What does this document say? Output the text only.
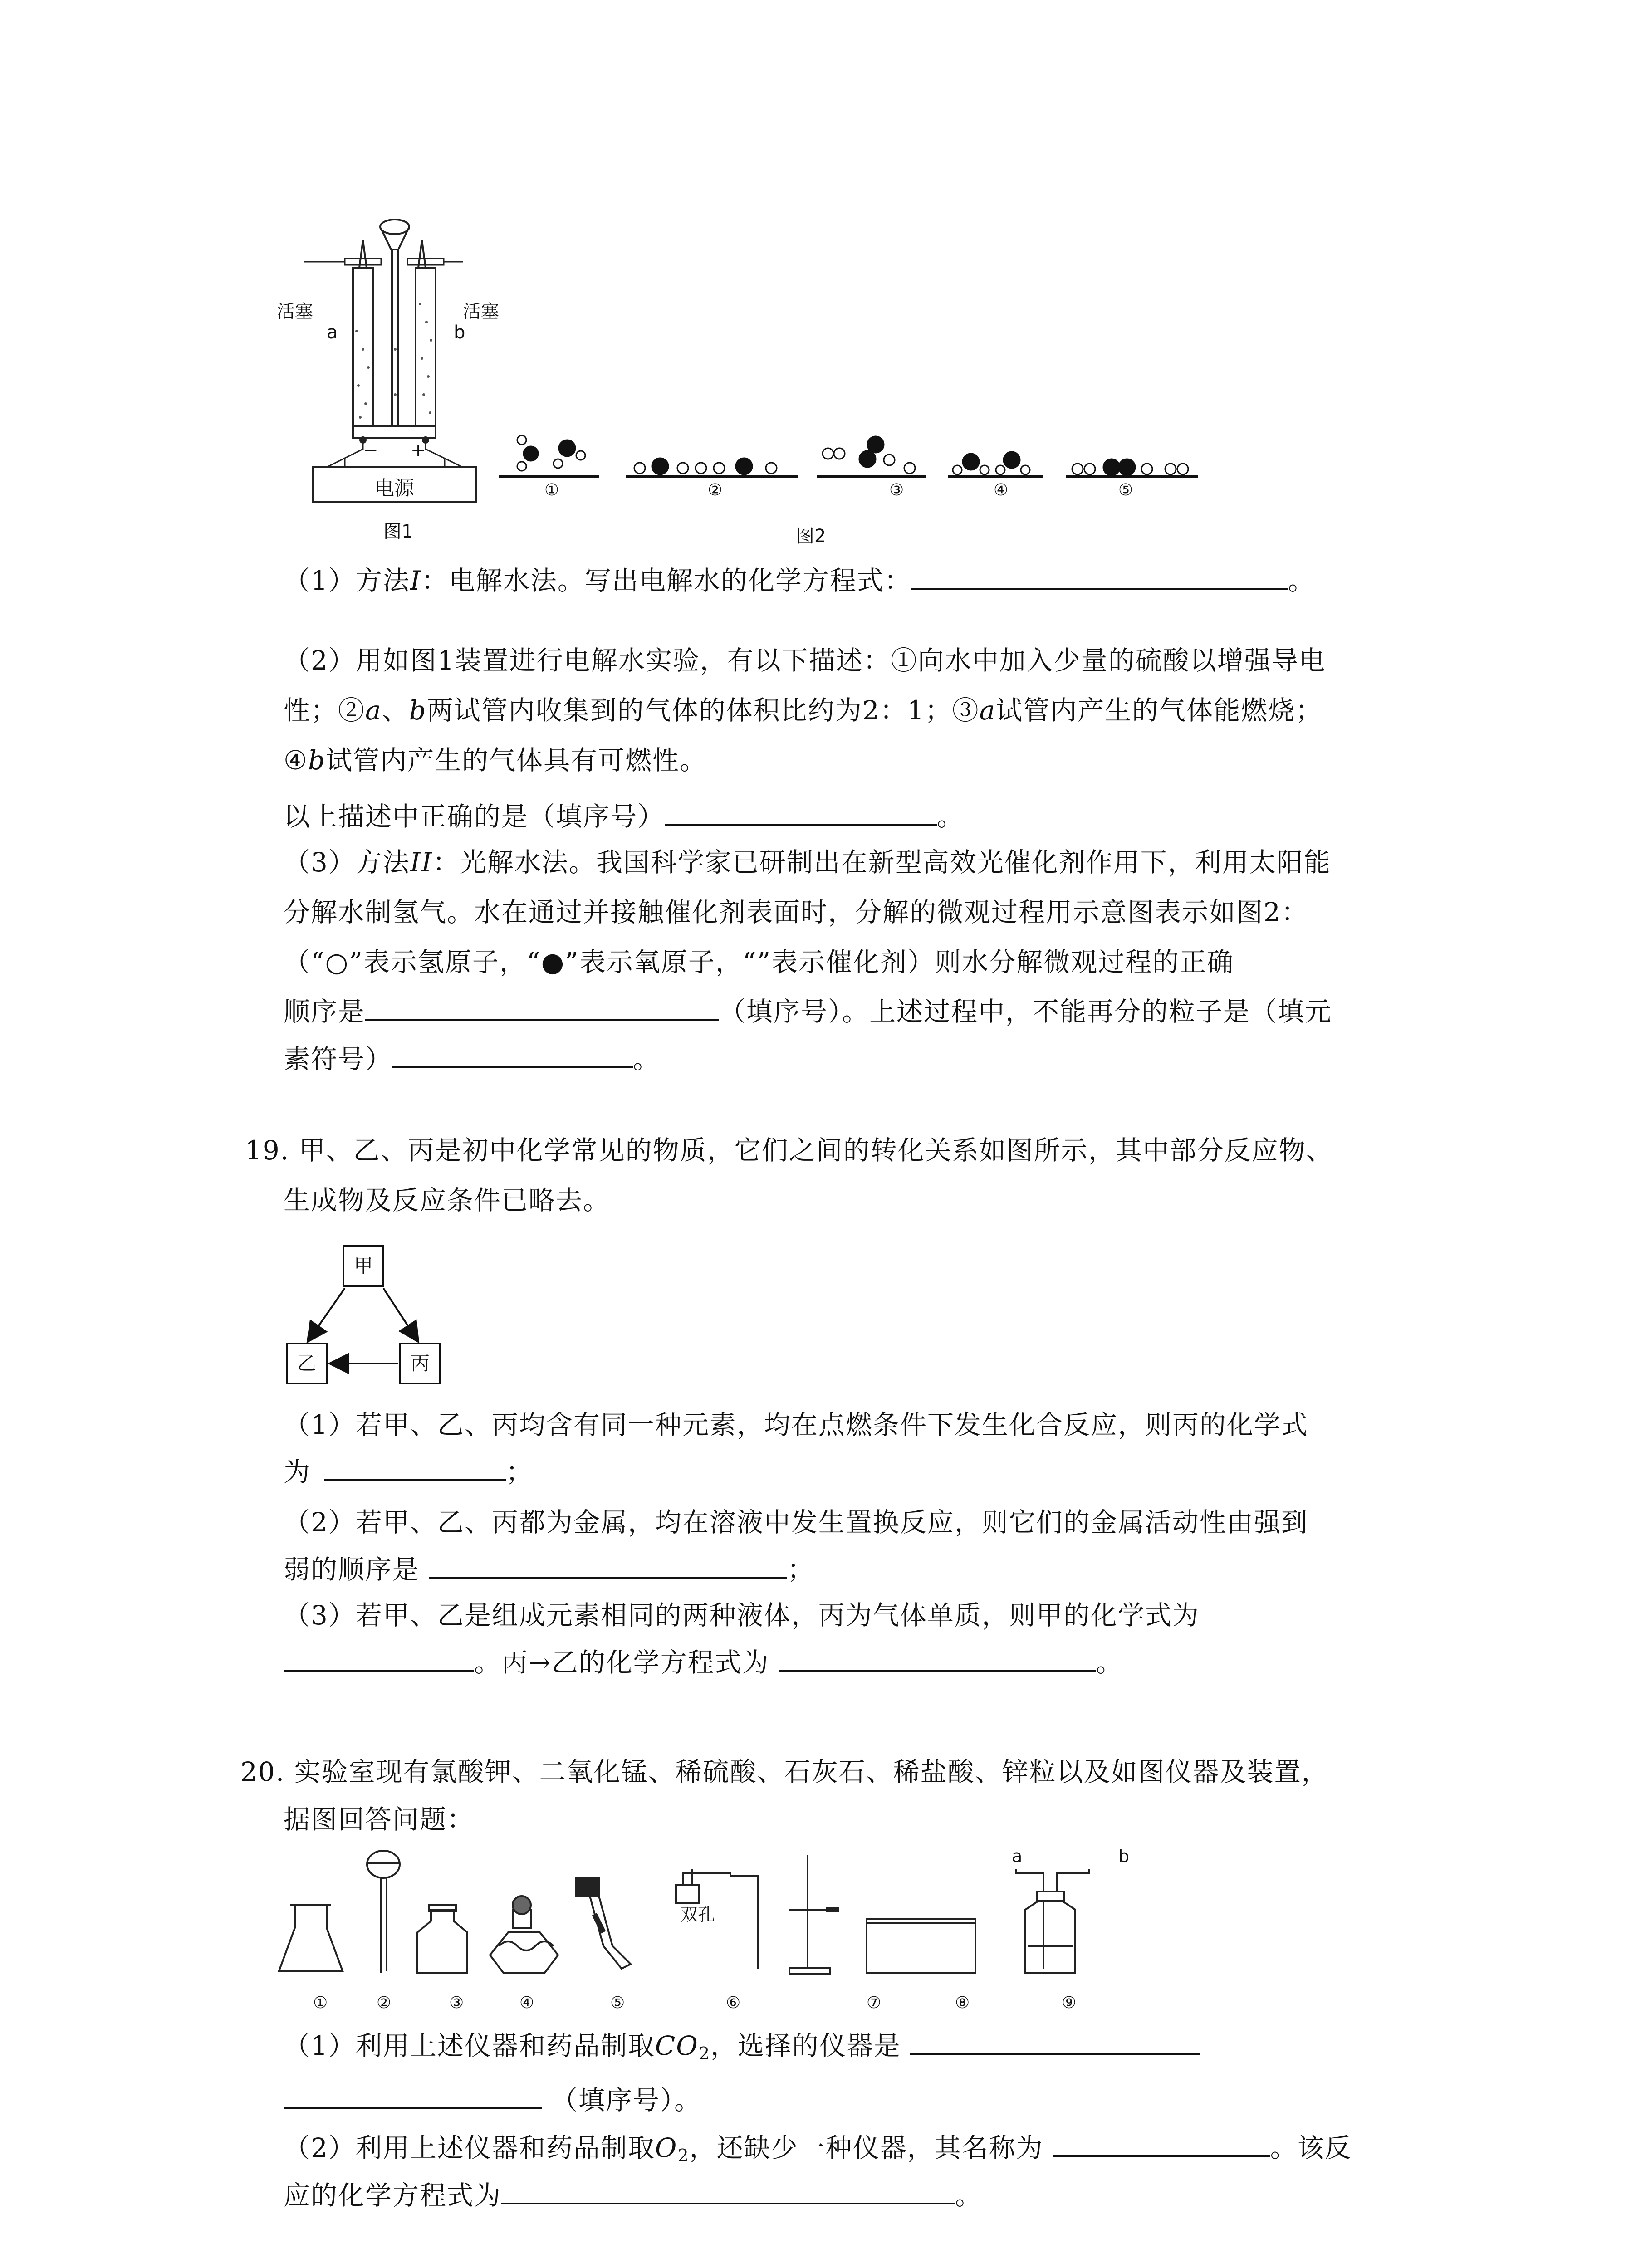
活塞	活塞
a	b
− +
电源
图1
①	②	③	④	⑤
图2
（1）方法I：电解水法。写出电解水的化学方程式：	。
（2）用如图1装置进行电解水实验，有以下描述：①向水中加入少量的硫酸以增强导电
性；②a、b两试管内收集到的气体的体积比约为2：1；③a试管内产生的气体能燃烧；
④b试管内产生的气体具有可燃性。
以上描述中正确的是（填序号）	。
（3）方法II：光解水法。我国科学家已研制出在新型高效光催化剂作用下，利用太阳能
分解水制氢气。水在通过并接触催化剂表面时，分解的微观过程用示意图表示如图2：
（“○”表示氢原子，“●”表示氧原子，“”表示催化剂）则水分解微观过程的正确
顺序是	（填序号）。上述过程中，不能再分的粒子是（填元
素符号）	。
19. 甲、乙、丙是初中化学常见的物质，它们之间的转化关系如图所示，其中部分反应物、
生成物及反应条件已略去。
甲
乙	丙
（1）若甲、乙、丙均含有同一种元素，均在点燃条件下发生化合反应，则丙的化学式
为	；
（2）若甲、乙、丙都为金属，均在溶液中发生置换反应，则它们的金属活动性由强到
弱的顺序是	；
（3）若甲、乙是组成元素相同的两种液体，丙为气体单质，则甲的化学式为
。丙→乙的化学方程式为	。
20. 实验室现有氯酸钾、二氧化锰、稀硫酸、石灰石、稀盐酸、锌粒以及如图仪器及装置，
据图回答问题：
双孔
a	b
①	②	③	④	⑤	⑥	⑦	⑧	⑨
（1）利用上述仪器和药品制取$CO_2$，选择的仪器是
（填序号）。
（2）利用上述仪器和药品制取$O_2$，还缺少一种仪器，其名称为	。该反
应的化学方程式为	。
